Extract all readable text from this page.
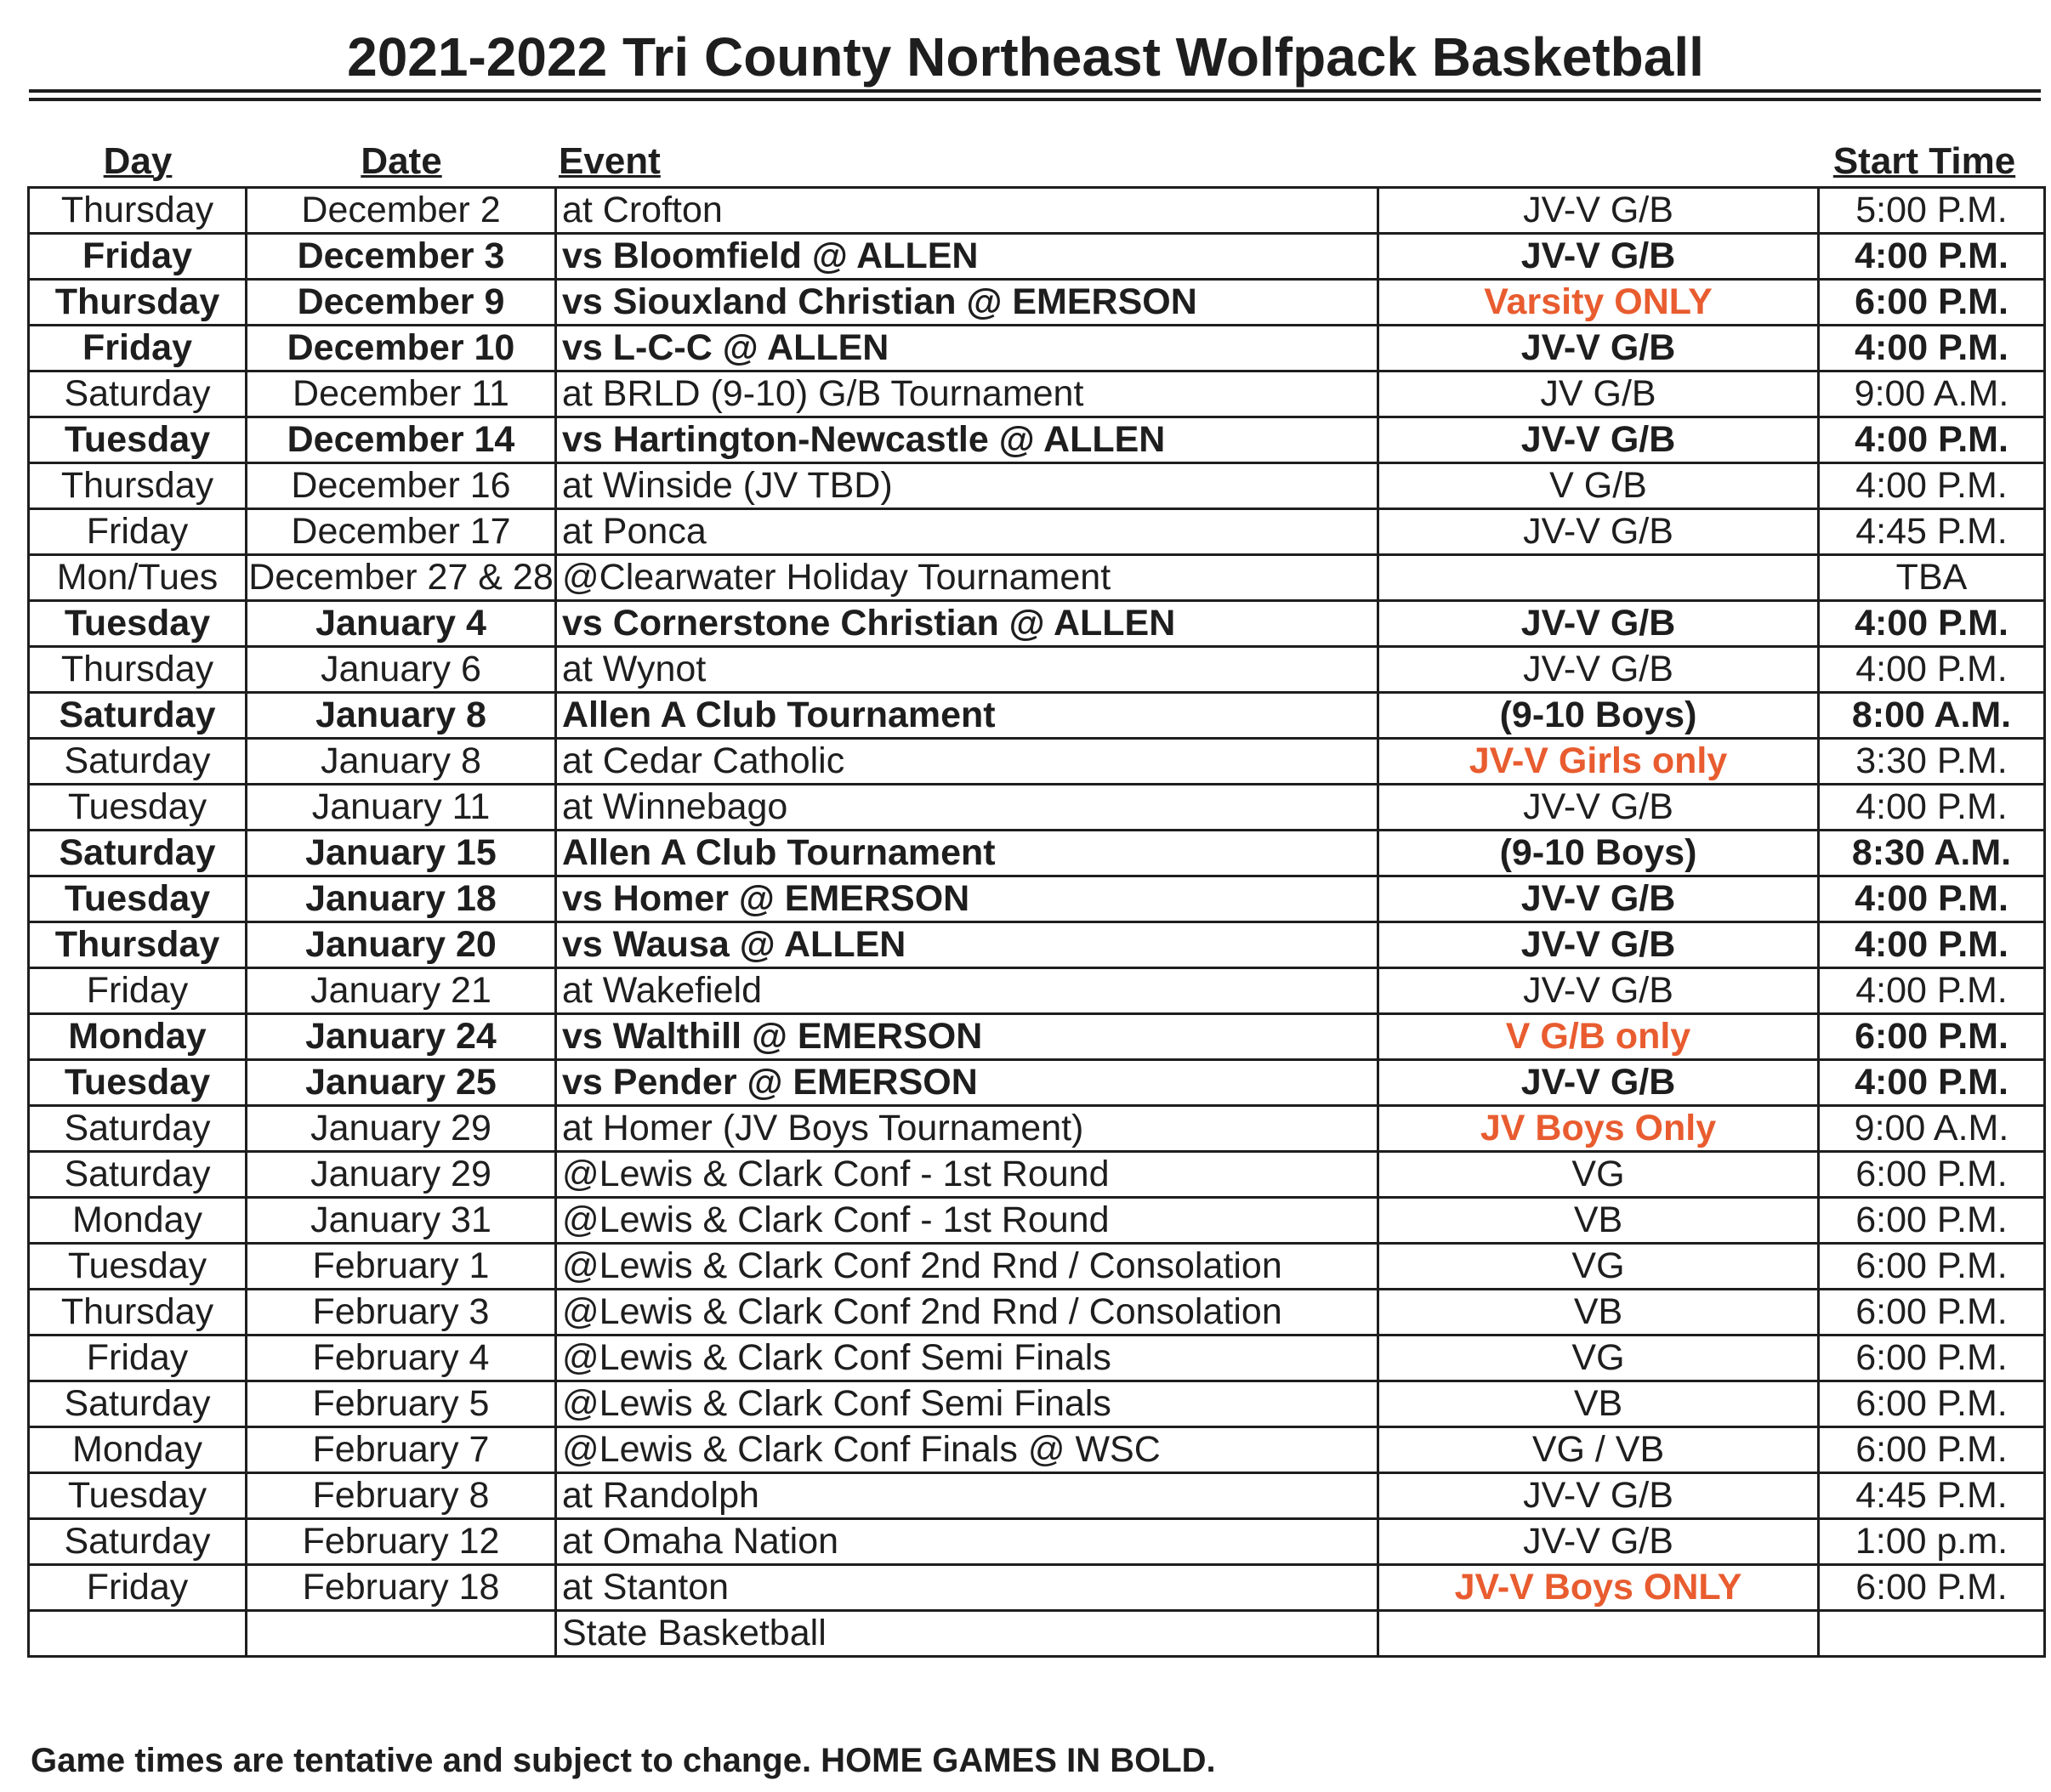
2021-2022 Tri County Northeast Wolfpack Basketball
Day	Date	Event	Start Time
Thursday	December 2	at Crofton	JV-V G/B	5:00 P.M.
Friday	December 3	vs Bloomfield @ ALLEN	JV-V G/B	4:00 P.M.
Thursday	December 9	vs Siouxland Christian @ EMERSON	Varsity ONLY	6:00 P.M.
Friday	December 10	vs L-C-C @ ALLEN	JV-V G/B	4:00 P.M.
Saturday	December 11	at BRLD (9-10) G/B Tournament	JV G/B	9:00 A.M.
Tuesday	December 14	vs Hartington-Newcastle @ ALLEN	JV-V G/B	4:00 P.M.
Thursday	December 16	at Winside (JV TBD)	V G/B	4:00 P.M.
Friday	December 17	at Ponca	JV-V G/B	4:45 P.M.
Mon/Tues	December 27 & 28	@Clearwater Holiday Tournament		TBA
Tuesday	January 4	vs Cornerstone Christian @ ALLEN	JV-V G/B	4:00 P.M.
Thursday	January 6	at Wynot	JV-V G/B	4:00 P.M.
Saturday	January 8	Allen A Club Tournament	(9-10 Boys)	8:00 A.M.
Saturday	January 8	at Cedar Catholic	JV-V Girls only	3:30 P.M.
Tuesday	January 11	at Winnebago	JV-V G/B	4:00 P.M.
Saturday	January 15	Allen A Club Tournament	(9-10 Boys)	8:30 A.M.
Tuesday	January 18	vs Homer @ EMERSON	JV-V G/B	4:00 P.M.
Thursday	January 20	vs Wausa @ ALLEN	JV-V G/B	4:00 P.M.
Friday	January 21	at Wakefield	JV-V G/B	4:00 P.M.
Monday	January 24	vs Walthill @ EMERSON	V G/B only	6:00 P.M.
Tuesday	January 25	vs Pender @ EMERSON	JV-V G/B	4:00 P.M.
Saturday	January 29	at Homer (JV Boys Tournament)	JV Boys Only	9:00 A.M.
Saturday	January 29	@Lewis & Clark Conf - 1st Round	VG	6:00 P.M.
Monday	January 31	@Lewis & Clark Conf - 1st Round	VB	6:00 P.M.
Tuesday	February 1	@Lewis & Clark Conf 2nd Rnd / Consolation	VG	6:00 P.M.
Thursday	February 3	@Lewis & Clark Conf 2nd Rnd / Consolation	VB	6:00 P.M.
Friday	February 4	@Lewis & Clark Conf Semi Finals	VG	6:00 P.M.
Saturday	February 5	@Lewis & Clark Conf Semi Finals	VB	6:00 P.M.
Monday	February 7	@Lewis & Clark Conf Finals @ WSC	VG / VB	6:00 P.M.
Tuesday	February 8	at Randolph	JV-V G/B	4:45 P.M.
Saturday	February 12	at Omaha Nation	JV-V G/B	1:00 p.m.
Friday	February 18	at Stanton	JV-V Boys ONLY	6:00 P.M.
		State Basketball		
Game times are tentative and subject to change. HOME GAMES IN BOLD.
